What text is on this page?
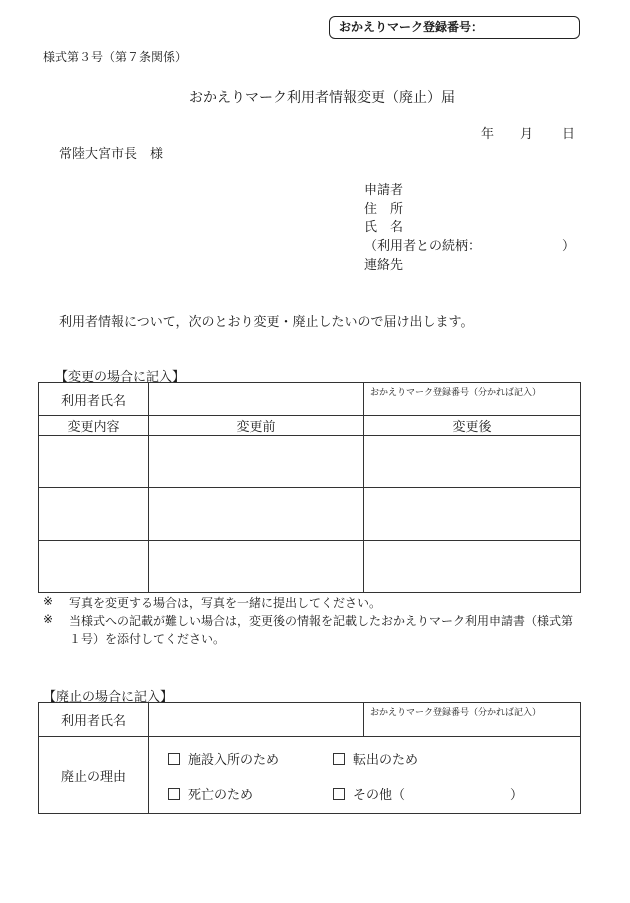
おかえりマーク登録番号：
様式第３号（第７条関係）
おかえりマーク利用者情報変更（廃止）届
年 月 日
常陸大宮市長　様
申請者
住　所
氏　名
（利用者との続柄：	）
連絡先
利用者情報について，次のとおり変更・廃止したいので届け出します。
【変更の場合に記入】
利用者氏名		おかえりマーク登録番号（分かれば記入）
変更内容	変更前	変更後

※ 写真を変更する場合は，写真を一緒に提出してください。
※ 当様式への記載が難しい場合は，変更後の情報を記載したおかえりマーク利用申請書（様式第
１号）を添付してください。
【廃止の場合に記入】
利用者氏名		おかえりマーク登録番号（分かれば記入）
廃止の理由		
施設入所のため	転出のため
死亡のため	その他（	）
